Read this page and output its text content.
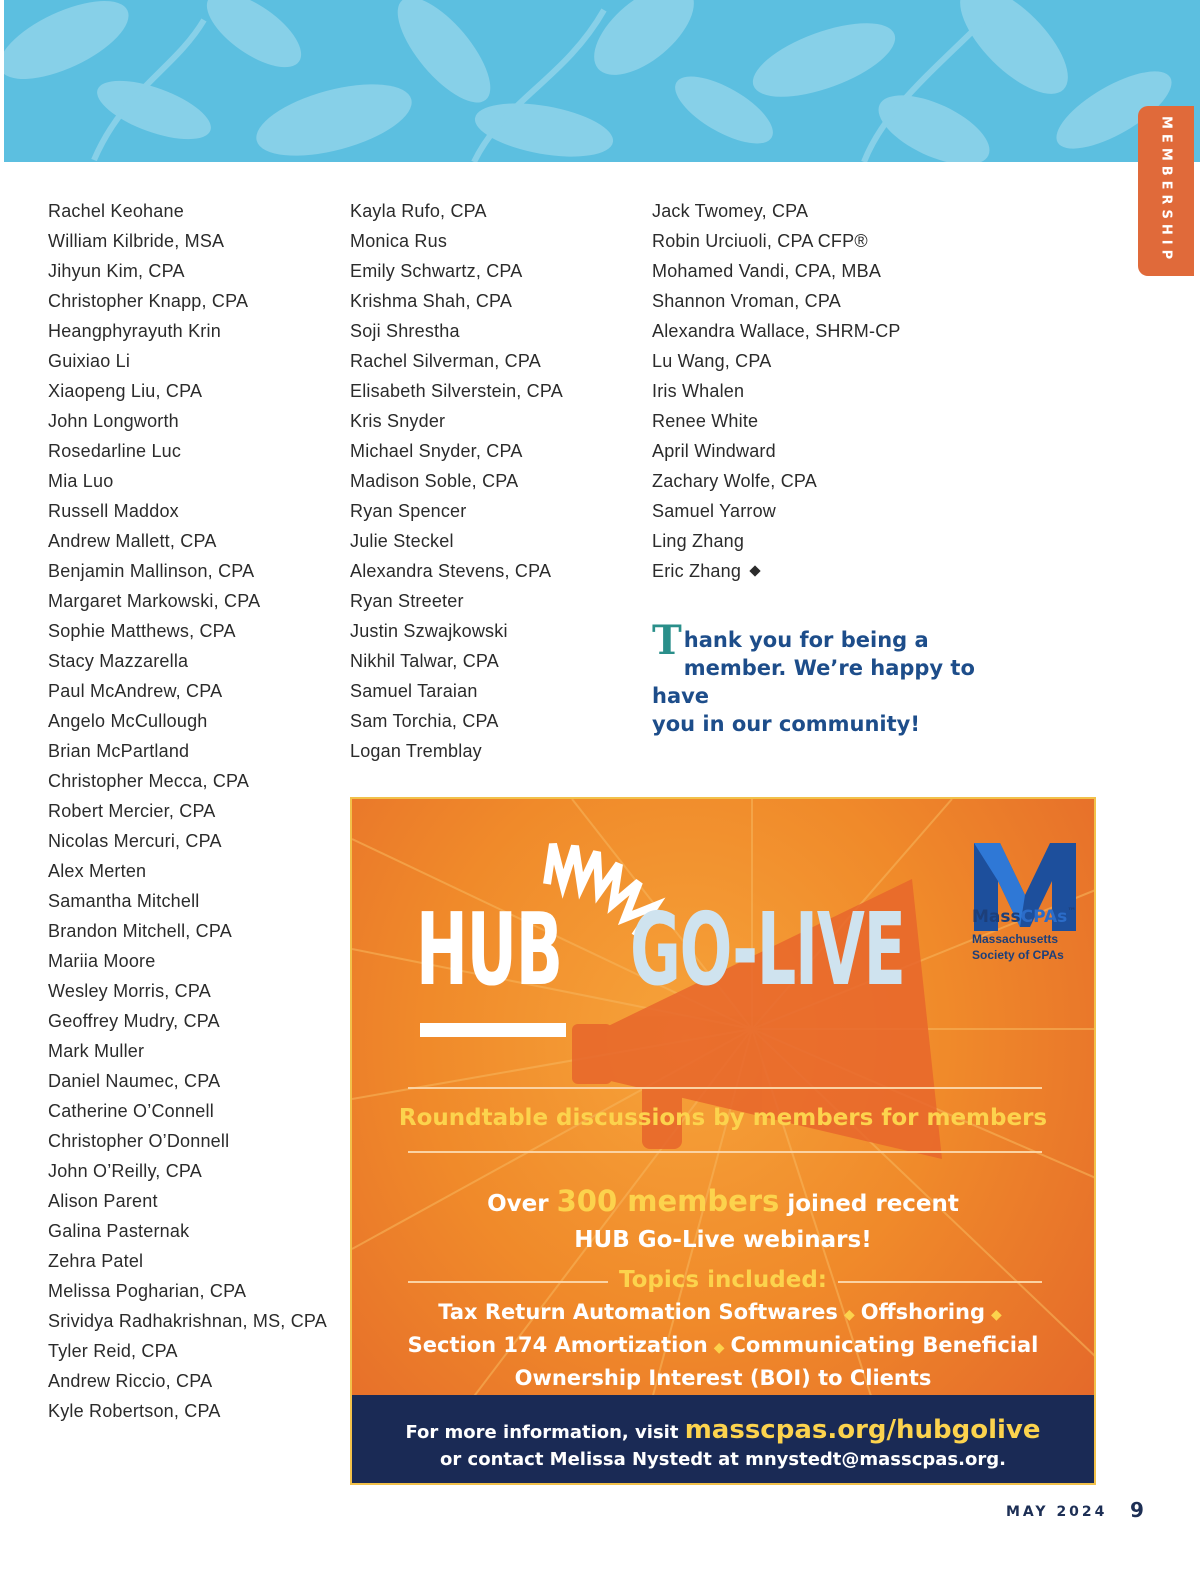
MEMBERSHIP
Rachel Keohane
William Kilbride, MSA
Jihyun Kim, CPA
Christopher Knapp, CPA
Heangphyrayuth Krin
Guixiao Li
Xiaopeng Liu, CPA
John Longworth
Rosedarline Luc
Mia Luo
Russell Maddox
Andrew Mallett, CPA
Benjamin Mallinson, CPA
Margaret Markowski, CPA
Sophie Matthews, CPA
Stacy Mazzarella
Paul McAndrew, CPA
Angelo McCullough
Brian McPartland
Christopher Mecca, CPA
Robert Mercier, CPA
Nicolas Mercuri, CPA
Alex Merten
Samantha Mitchell
Brandon Mitchell, CPA
Mariia Moore
Wesley Morris, CPA
Geoffrey Mudry, CPA
Mark Muller
Daniel Naumec, CPA
Catherine O’Connell
Christopher O’Donnell
John O’Reilly, CPA
Alison Parent
Galina Pasternak
Zehra Patel
Melissa Pogharian, CPA
Srividya Radhakrishnan, MS, CPA
Tyler Reid, CPA
Andrew Riccio, CPA
Kyle Robertson, CPA
Kayla Rufo, CPA
Monica Rus
Emily Schwartz, CPA
Krishma Shah, CPA
Soji Shrestha
Rachel Silverman, CPA
Elisabeth Silverstein, CPA
Kris Snyder
Michael Snyder, CPA
Madison Soble, CPA
Ryan Spencer
Julie Steckel
Alexandra Stevens, CPA
Ryan Streeter
Justin Szwajkowski
Nikhil Talwar, CPA
Samuel Taraian
Sam Torchia, CPA
Logan Tremblay
Jack Twomey, CPA
Robin Urciuoli, CPA CFP®
Mohamed Vandi, CPA, MBA
Shannon Vroman, CPA
Alexandra Wallace, SHRM-CP
Lu Wang, CPA
Iris Whalen
Renee White
April Windward
Zachary Wolfe, CPA
Samuel Yarrow
Ling Zhang
Eric Zhang
Thank you for being a
member. We’re happy to have
you in our community!
HUB GO-LIVE	MassCPAs™
Massachusetts
Society of CPAs
Roundtable discussions by members for members
Over 300 members joined recent
HUB Go-Live webinars!
Topics included:
Tax Return Automation Softwares ◆ Offshoring ◆
Section 174 Amortization ◆ Communicating Beneficial Ownership Interest (BOI) to Clients
For more information, visit masscpas.org/hubgolive
or contact Melissa Nystedt at mnystedt@masscpas.org.
MAY 2024 9
